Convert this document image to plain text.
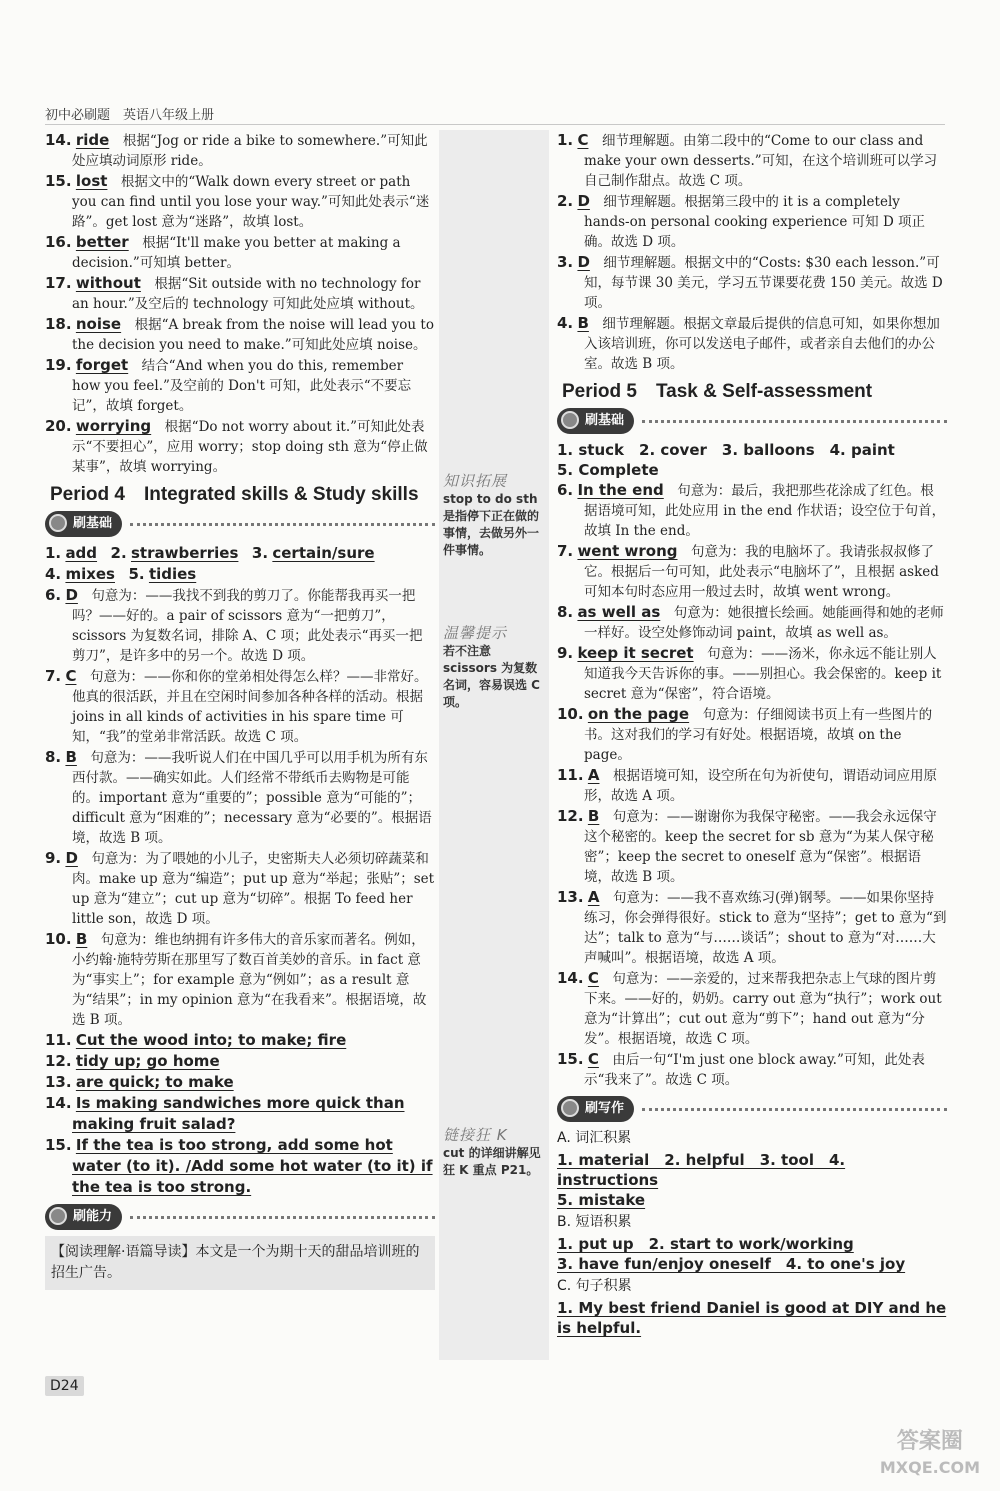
初中必刷题　英语八年级上册
14. ride　根据“Jog or ride a bike to somewhere.”可知此处应填动词原形 ride。
15. lost　根据文中的“Walk down every street or path you can find until you lose your way.”可知此处表示“迷路”。get lost 意为“迷路”，故填 lost。
16. better　根据“It'll make you better at making a decision.”可知填 better。
17. without　根据“Sit outside with no technology for an hour.”及空后的 technology 可知此处应填 without。
18. noise　根据“A break from the noise will lead you to the decision you need to make.”可知此处应填 noise。
19. forget　结合“And when you do this, remember how you feel.”及空前的 Don't 可知，此处表示“不要忘记”，故填 forget。
20. worrying　根据“Do not worry about it.”可知此处表示“不要担心”，应用 worry；stop doing sth 意为“停止做某事”，故填 worrying。
Period 4　Integrated skills & Study skills
刷基础
1. add　 2. strawberries　 3. certain/sure
4. mixes　 5. tidies
6. D　句意为：——我找不到我的剪刀了。你能帮我再买一把吗？——好的。a pair of scissors 意为“一把剪刀”，scissors 为复数名词，排除 A、C 项；此处表示“再买一把剪刀”，是许多中的另一个。故选 D 项。
7. C　句意为：——你和你的堂弟相处得怎么样？——非常好。他真的很活跃，并且在空闲时间参加各种各样的活动。根据 joins in all kinds of activities in his spare time 可知，“我”的堂弟非常活跃。故选 C 项。
8. B　句意为：——我听说人们在中国几乎可以用手机为所有东西付款。——确实如此。人们经常不带纸币去购物是可能的。important 意为“重要的”；possible 意为“可能的”；difficult 意为“困难的”；necessary 意为“必要的”。根据语境，故选 B 项。
9. D　句意为：为了喂她的小儿子，史密斯夫人必须切碎蔬菜和肉。make up 意为“编造”；put up 意为“举起；张贴”；set up 意为“建立”；cut up 意为“切碎”。根据 To feed her little son，故选 D 项。
10. B　句意为：维也纳拥有许多伟大的音乐家而著名。例如，小约翰·施特劳斯在那里写了数百首美妙的音乐。in fact 意为“事实上”；for example 意为“例如”；as a result 意为“结果”；in my opinion 意为“在我看来”。根据语境，故选 B 项。
11. Cut the wood into; to make; fire
12. tidy up; go home
13. are quick; to make
14. Is making sandwiches more quick than making fruit salad?
15. If the tea is too strong, add some hot water (to it). /Add some hot water (to it) if the tea is too strong.
刷能力
【阅读理解·语篇导读】本文是一个为期十天的甜品培训班的招生广告。
1. C　细节理解题。由第二段中的“Come to our class and make your own desserts.”可知，在这个培训班可以学习自己制作甜点。故选 C 项。
2. D　细节理解题。根据第三段中的 it is a completely hands-on personal cooking experience 可知 D 项正确。故选 D 项。
3. D　细节理解题。根据文中的“Costs: $30 each lesson.”可知，每节课 30 美元，学习五节课要花费 150 美元。故选 D 项。
4. B　细节理解题。根据文章最后提供的信息可知，如果你想加入该培训班，你可以发送电子邮件，或者亲自去他们的办公室。故选 B 项。
Period 5　Task & Self-assessment
刷基础
1. stuck　2. cover　3. balloons　4. paint
5. Complete
6. In the end　句意为：最后，我把那些花涂成了红色。根据语境可知，此处应用 in the end 作状语；设空位于句首，故填 In the end。
7. went wrong　句意为：我的电脑坏了。我请张叔叔修了它。根据后一句可知，此处表示“电脑坏了”，且根据 asked 可知本句时态应用一般过去时，故填 went wrong。
8. as well as　句意为：她很擅长绘画。她能画得和她的老师一样好。设空处修饰动词 paint，故填 as well as。
9. keep it secret　句意为：——汤米，你永远不能让别人知道我今天告诉你的事。——别担心。我会保密的。keep it secret 意为“保密”，符合语境。
10. on the page　句意为：仔细阅读书页上有一些图片的书。这对我们的学习有好处。根据语境，故填 on the page。
11. A　根据语境可知，设空所在句为祈使句，谓语动词应用原形，故选 A 项。
12. B　句意为：——谢谢你为我保守秘密。——我会永远保守这个秘密的。keep the secret for sb 意为“为某人保守秘密”；keep the secret to oneself 意为“保密”。根据语境，故选 B 项。
13. A　句意为：——我不喜欢练习(弹)钢琴。——如果你坚持练习，你会弹得很好。stick to 意为“坚持”；get to 意为“到达”；talk to 意为“与……谈话”；shout to 意为“对……大声喊叫”。根据语境，故选 A 项。
14. C　句意为：——亲爱的，过来帮我把杂志上气球的图片剪下来。——好的，奶奶。carry out 意为“执行”；work out 意为“计算出”；cut out 意为“剪下”；hand out 意为“分发”。根据语境，故选 C 项。
15. C　由后一句“I'm just one block away.”可知，此处表示“我来了”。故选 C 项。
刷写作
A. 词汇积累
1. material　2. helpful　3. tool　4. instructions
5. mistake
B. 短语积累
1. put up　2. start to work/working
3. have fun/enjoy oneself　4. to one's joy
C. 句子积累
1. My best friend Daniel is good at DIY and he is helpful.
知识拓展
stop to do sth 是指停下正在做的事情，去做另外一件事情。
温馨提示
若不注意 scissors 为复数名词，容易误选 C 项。
链接狂 K
cut 的详细讲解见狂 K 重点 P21。
D24
答案圈
MXQE.COM
